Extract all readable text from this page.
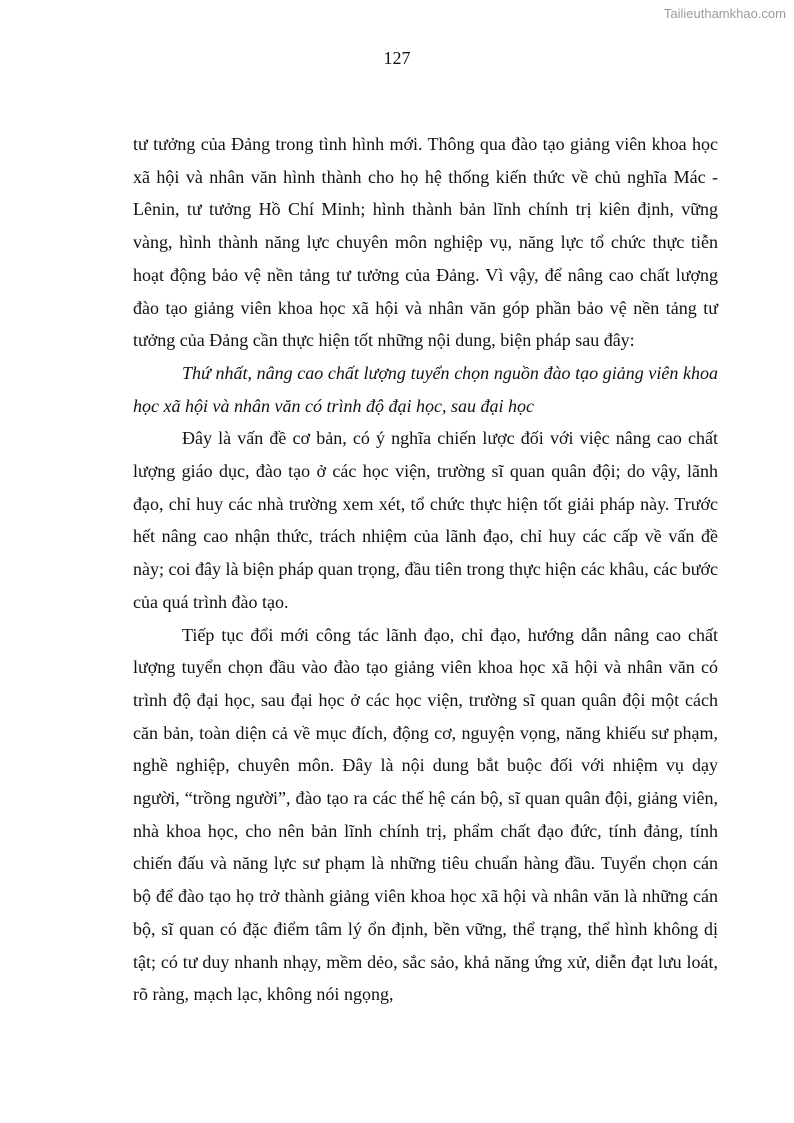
Tailieuthamkhao.com
127

tư tưởng của Đảng trong tình hình mới. Thông qua đào tạo giảng viên khoa học xã hội và nhân văn hình thành cho họ hệ thống kiến thức về chủ nghĩa Mác - Lênin, tư tưởng Hồ Chí Minh; hình thành bản lĩnh chính trị kiên định, vững vàng, hình thành năng lực chuyên môn nghiệp vụ, năng lực tổ chức thực tiễn hoạt động bảo vệ nền tảng tư tưởng của Đảng. Vì vậy, để nâng cao chất lượng đào tạo giảng viên khoa học xã hội và nhân văn góp phần bảo vệ nền tảng tư tưởng của Đảng cần thực hiện tốt những nội dung, biện pháp sau đây:

Thứ nhất, nâng cao chất lượng tuyển chọn nguồn đào tạo giảng viên khoa học xã hội và nhân văn có trình độ đại học, sau đại học

Đây là vấn đề cơ bản, có ý nghĩa chiến lược đối với việc nâng cao chất lượng giáo dục, đào tạo ở các học viện, trường sĩ quan quân đội; do vậy, lãnh đạo, chỉ huy các nhà trường xem xét, tổ chức thực hiện tốt giải pháp này. Trước hết nâng cao nhận thức, trách nhiệm của lãnh đạo, chỉ huy các cấp về vấn đề này; coi đây là biện pháp quan trọng, đầu tiên trong thực hiện các khâu, các bước của quá trình đào tạo.

Tiếp tục đổi mới công tác lãnh đạo, chỉ đạo, hướng dẫn nâng cao chất lượng tuyển chọn đầu vào đào tạo giảng viên khoa học xã hội và nhân văn có trình độ đại học, sau đại học ở các học viện, trường sĩ quan quân đội một cách căn bản, toàn diện cả về mục đích, động cơ, nguyện vọng, năng khiếu sư phạm, nghề nghiệp, chuyên môn. Đây là nội dung bắt buộc đối với nhiệm vụ dạy người, “trồng người”, đào tạo ra các thế hệ cán bộ, sĩ quan quân đội, giảng viên, nhà khoa học, cho nên bản lĩnh chính trị, phẩm chất đạo đức, tính đảng, tính chiến đấu và năng lực sư phạm là những tiêu chuẩn hàng đầu. Tuyển chọn cán bộ để đào tạo họ trở thành giảng viên khoa học xã hội và nhân văn là những cán bộ, sĩ quan có đặc điểm tâm lý ổn định, bền vững, thể trạng, thể hình không dị tật; có tư duy nhanh nhạy, mềm dẻo, sắc sảo, khả năng ứng xử, diễn đạt lưu loát, rõ ràng, mạch lạc, không nói ngọng,
